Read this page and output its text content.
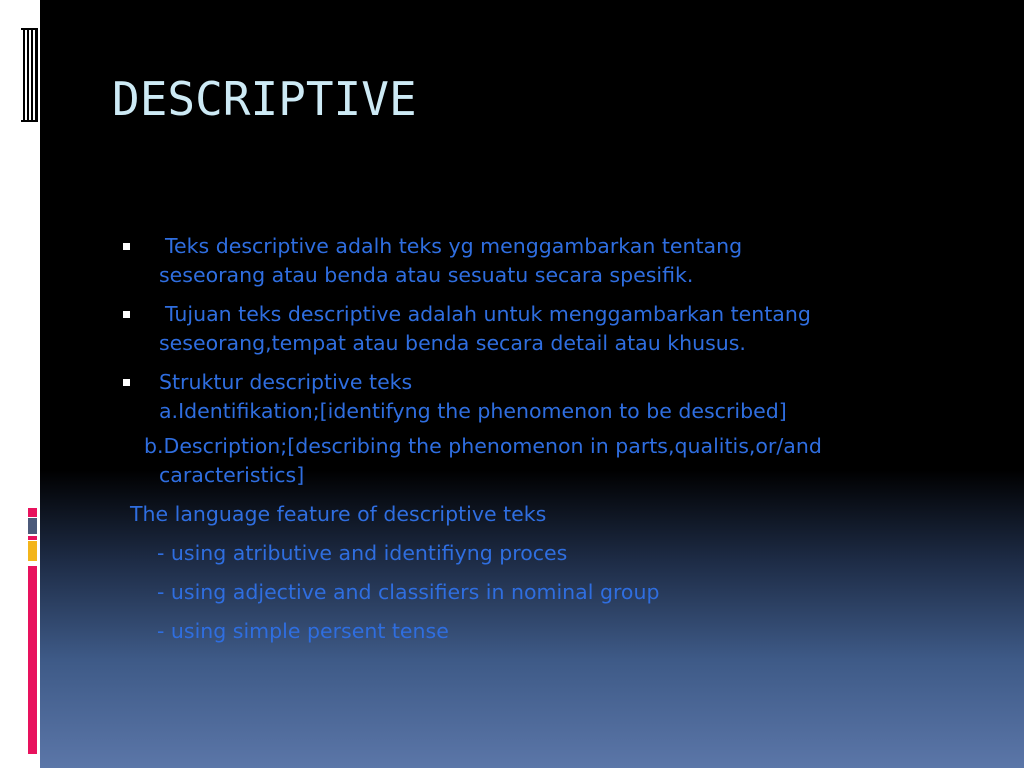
DESCRIPTIVE
Teks descriptive adalh teks yg menggambarkan tentang
seseorang atau benda atau sesuatu secara spesifik.
Tujuan teks descriptive adalah untuk menggambarkan tentang
seseorang,tempat atau benda secara detail atau khusus.
Struktur descriptive teks
a.Identifikation;[identifyng the phenomenon to be described]
b.Description;[describing the phenomenon in parts,qualitis,or/and
caracteristics]
The language feature of descriptive teks
- using atributive and identifiyng proces
- using adjective and classifiers in nominal group
- using simple persent tense
